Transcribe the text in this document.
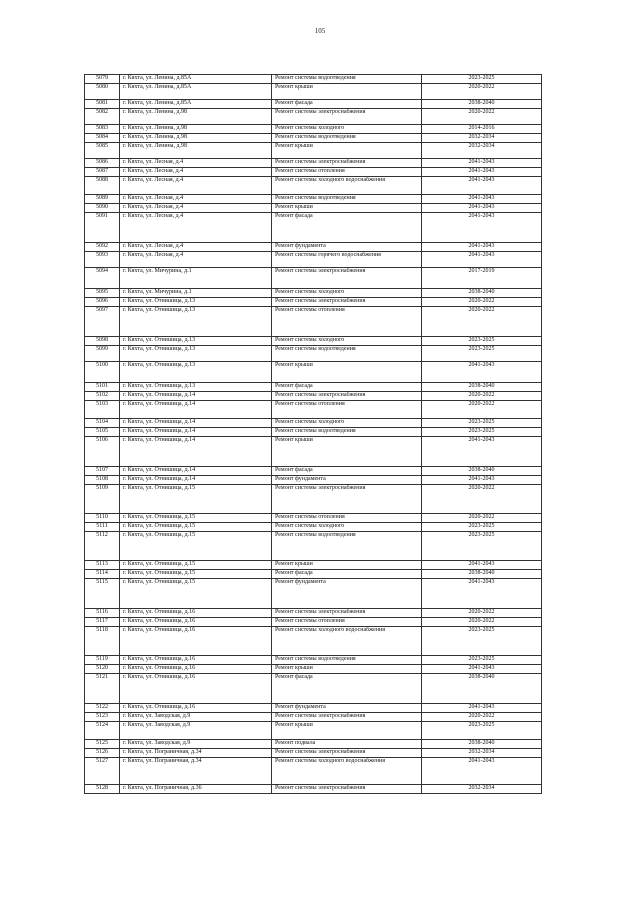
105
5079	г. Кяхта, ул. Ленина, д.85А	Ремонт системы водоотведения	2023-2025
5080	г. Кяхта, ул. Ленина, д.85А	Ремонт крыши	2020-2022
5081	г. Кяхта, ул. Ленина, д.85А	Ремонт фасада	2038-2040
5082	г. Кяхта, ул. Ленина, д.98	Ремонт системы электроснабжения	2020-2022
5083	г. Кяхта, ул. Ленина, д.98	Ремонт системы холодного	2014-2016
5084	г. Кяхта, ул. Ленина, д.98	Ремонт системы водоотведения	2032-2034
5085	г. Кяхта, ул. Ленина, д.98	Ремонт крыши	2032-2034
5086	г. Кяхта, ул. Лесная, д.4	Ремонт системы электроснабжения	2041-2043
5087	г. Кяхта, ул. Лесная, д.4	Ремонт системы отопления	2041-2043
5088	г. Кяхта, ул. Лесная, д.4	Ремонт системы холодного водоснабжения	2041-2043
5089	г. Кяхта, ул. Лесная, д.4	Ремонт системы водоотведения	2041-2043
5090	г. Кяхта, ул. Лесная, д.4	Ремонт крыши	2041-2043
5091	г. Кяхта, ул. Лесная, д.4	Ремонт фасада	2041-2043
5092	г. Кяхта, ул. Лесная, д.4	Ремонт фундамента	2041-2043
5093	г. Кяхта, ул. Лесная, д.4	Ремонт системы горячего водоснабжения	2041-2043
5094	г. Кяхта, ул. Мичурина, д.1	Ремонт системы электроснабжения	2017-2019
5095	г. Кяхта, ул. Мичурина, д.1	Ремонт системы холодного	2038-2040
5096	г. Кяхта, ул. Отнишица, д.13	Ремонт системы электроснабжения	2020-2022
5097	г. Кяхта, ул. Отнишица, д.13	Ремонт системы отопления	2020-2022
5098	г. Кяхта, ул. Отнишица, д.13	Ремонт системы холодного	2023-2025
5099	г. Кяхта, ул. Отнишица, д.13	Ремонт системы водоотведения	2023-2025
5100	г. Кяхта, ул. Отнишица, д.13	Ремонт крыши	2041-2043
5101	г. Кяхта, ул. Отнишица, д.13	Ремонт фасада	2038-2040
5102	г. Кяхта, ул. Отнишица, д.14	Ремонт системы электроснабжения	2020-2022
5103	г. Кяхта, ул. Отнишица, д.14	Ремонт системы отопления	2020-2022
5104	г. Кяхта, ул. Отнишица, д.14	Ремонт системы холодного	2023-2025
5105	г. Кяхта, ул. Отнишица, д.14	Ремонт системы водоотведения	2023-2025
5106	г. Кяхта, ул. Отнишица, д.14	Ремонт крыши	2041-2043
5107	г. Кяхта, ул. Отнишица, д.14	Ремонт фасада	2038-2040
5108	г. Кяхта, ул. Отнишица, д.14	Ремонт фундамента	2041-2043
5109	г. Кяхта, ул. Отнишица, д.15	Ремонт системы электроснабжения	2020-2022
5110	г. Кяхта, ул. Отнишица, д.15	Ремонт системы отопления	2020-2022
5111	г. Кяхта, ул. Отнишица, д.15	Ремонт системы холодного	2023-2025
5112	г. Кяхта, ул. Отнишица, д.15	Ремонт системы водоотведения	2023-2025
5113	г. Кяхта, ул. Отнишица, д.15	Ремонт крыши	2041-2043
5114	г. Кяхта, ул. Отнишица, д.15	Ремонт фасада	2038-2040
5115	г. Кяхта, ул. Отнишица, д.15	Ремонт фундамента	2041-2043
5116	г. Кяхта, ул. Отнишица, д.16	Ремонт системы электроснабжения	2020-2022
5117	г. Кяхта, ул. Отнишица, д.16	Ремонт системы отопления	2020-2022
5118	г. Кяхта, ул. Отнишица, д.16	Ремонт системы холодного водоснабжения	2023-2025
5119	г. Кяхта, ул. Отнишица, д.16	Ремонт системы водоотведения	2023-2025
5120	г. Кяхта, ул. Отнишица, д.16	Ремонт крыши	2041-2043
5121	г. Кяхта, ул. Отнишица, д.16	Ремонт фасада	2038-2040
5122	г. Кяхта, ул. Отнишица, д.16	Ремонт фундамента	2041-2043
5123	г. Кяхта, ул. Заводская, д.9	Ремонт системы электроснабжения	2020-2022
5124	г. Кяхта, ул. Заводская, д.9	Ремонт крыши	2023-2025
5125	г. Кяхта, ул. Заводская, д.9	Ремонт подвала	2038-2040
5126	г. Кяхта, ул. Пограничная, д.34	Ремонт системы электроснабжения	2032-2034
5127	г. Кяхта, ул. Пограничная, д.34	Ремонт системы холодного водоснабжения	2041-2043
5128	г. Кяхта, ул. Пограничная, д.36	Ремонт системы электроснабжения	2032-2034
